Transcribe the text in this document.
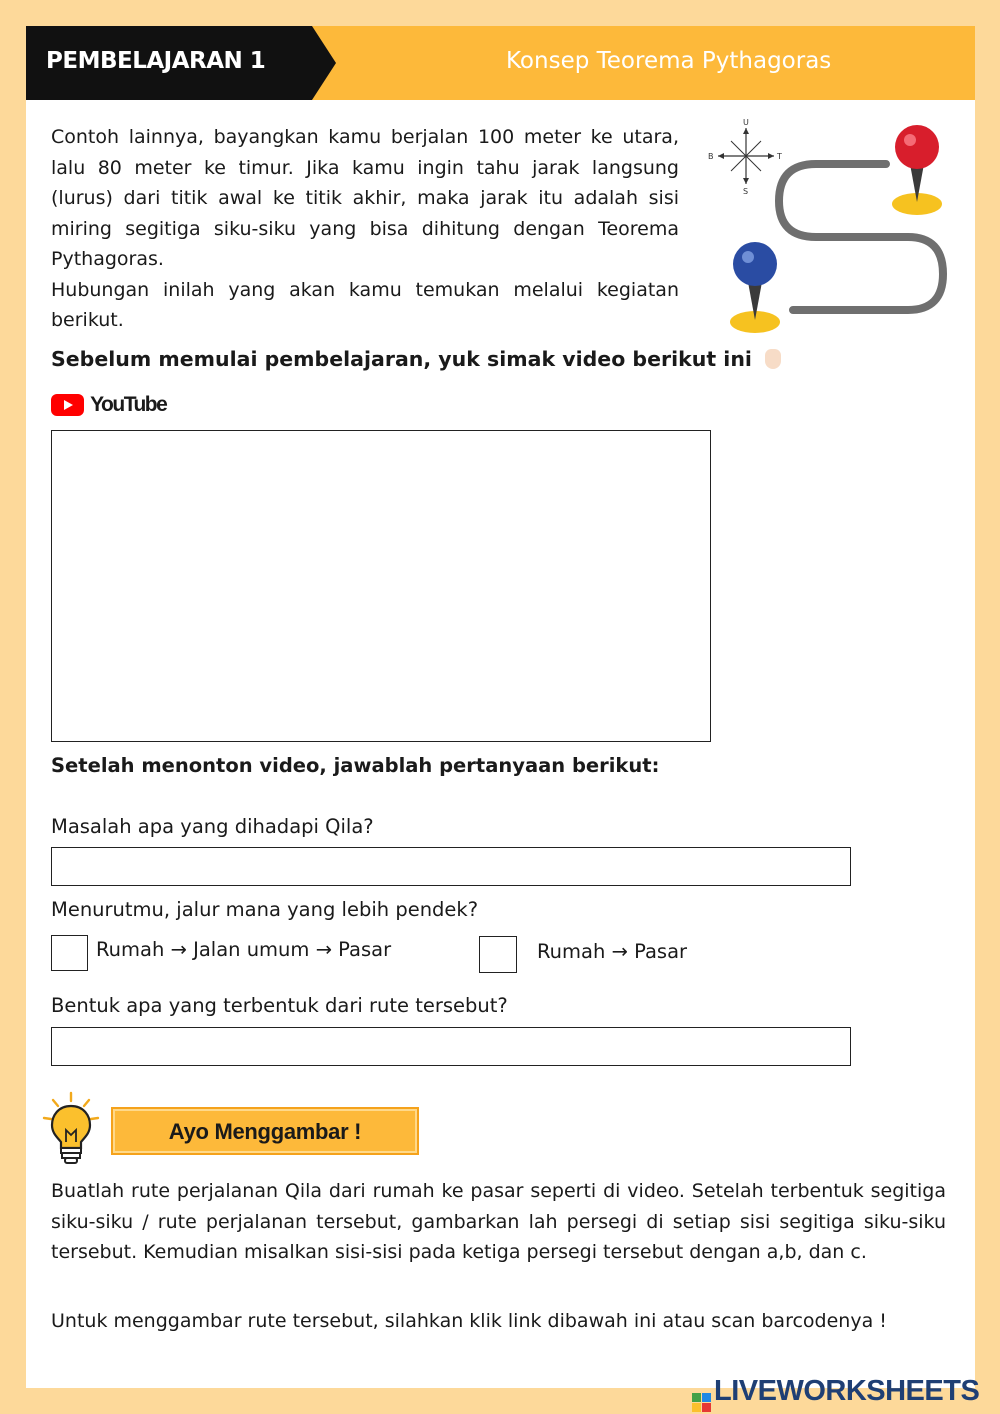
PEMBELAJARAN 1	Konsep Teorema Pythagoras
Contoh lainnya, bayangkan kamu berjalan 100 meter ke utara, lalu 80 meter ke timur. Jika kamu ingin tahu jarak langsung (lurus) dari titik awal ke titik akhir, maka jarak itu adalah sisi miring segitiga siku-siku yang bisa dihitung dengan Teorema Pythagoras.
Hubungan inilah yang akan kamu temukan melalui kegiatan berikut.
U
S
B	T
Sebelum memulai pembelajaran, yuk simak video berikut ini
YouTube
Setelah menonton video, jawablah pertanyaan berikut:
Masalah apa yang dihadapi Qila?
Menurutmu, jalur mana yang lebih pendek?
Rumah → Jalan umum → Pasar	Rumah → Pasar
Bentuk apa yang terbentuk dari rute tersebut?
Ayo Menggambar !
Buatlah rute perjalanan Qila dari rumah ke pasar seperti di video. Setelah terbentuk segitiga siku-siku / rute perjalanan tersebut, gambarkan lah persegi di setiap sisi segitiga siku-siku tersebut. Kemudian misalkan sisi-sisi pada ketiga persegi tersebut dengan a,b, dan c.
Untuk menggambar rute tersebut, silahkan klik link dibawah ini atau scan barcodenya !
LIVEWORKSHEETS
